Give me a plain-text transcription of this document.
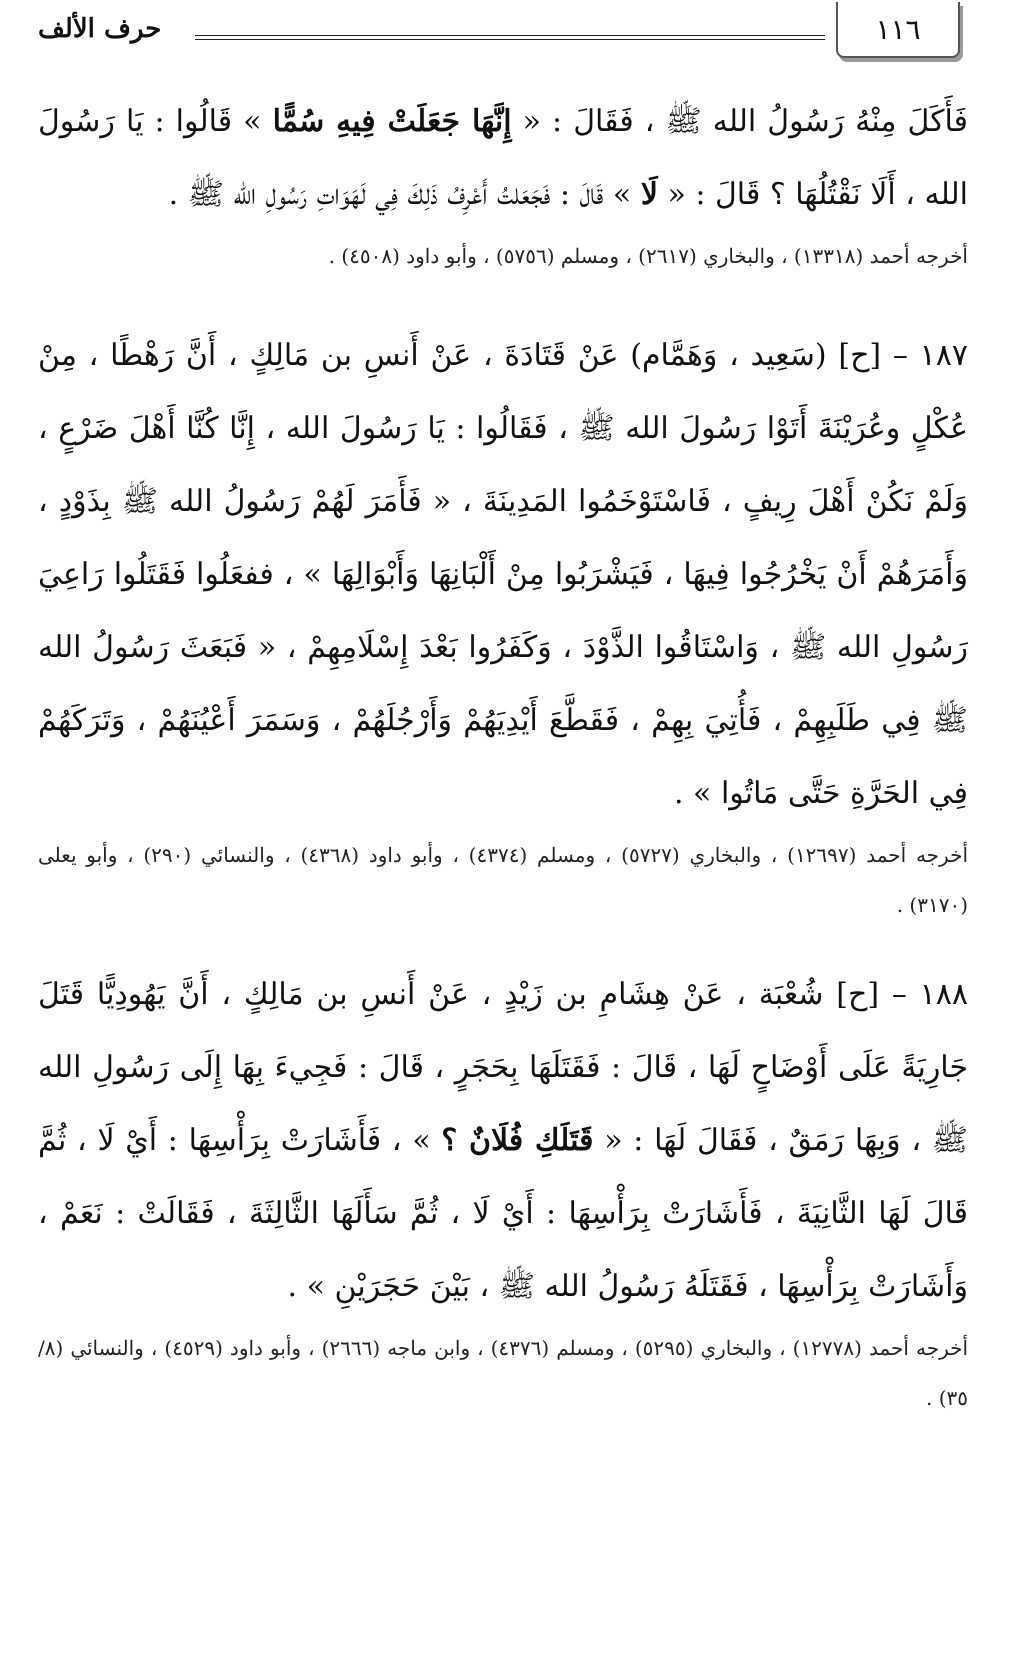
١١٦
حرف الألف

فَأَكَلَ مِنْهُ رَسُولُ الله ﷺ ، فَقَالَ : « إِنَّهَا جَعَلَتْ فِيهِ سُمًّا » قَالُوا : يَا رَسُولَ الله ، أَلَا نَقْتُلُهَا ؟ قَالَ : « لَا » قَالَ : فَجَعَلتُ أَعْرِفُ ذَلِكَ فِي لَهَوَاتِ رَسُولِ الله ﷺ .

أخرجه أحمد (١٣٣١٨) ، والبخاري (٢٦١٧) ، ومسلم (٥٧٥٦) ، وأبو داود (٤٥٠٨) .

١٨٧ – [ح] (سَعِيد ، وَهَمَّام) عَنْ قَتَادَةَ ، عَنْ أَنسِ بن مَالِكٍ ، أَنَّ رَهْطًا ، مِنْ عُكْلٍ وعُرَيْنَةَ أَتَوْا رَسُولَ الله ﷺ ، فَقَالُوا : يَا رَسُولَ الله ، إِنَّا كُنَّا أَهْلَ ضَرْعٍ ، وَلَمْ نَكُنْ أَهْلَ رِيفٍ ، فَاسْتَوْخَمُوا المَدِينَةَ ، « فَأَمَرَ لَهُمْ رَسُولُ الله ﷺ بِذَوْدٍ ، وَأَمَرَهُمْ أَنْ يَخْرُجُوا فِيهَا ، فَيَشْرَبُوا مِنْ أَلْبَانِهَا وَأَبْوَالِهَا » ، ففعَلُوا فَقَتَلُوا رَاعِيَ رَسُولِ الله ﷺ ، وَاسْتَاقُوا الذَّوْدَ ، وَكَفَرُوا بَعْدَ إِسْلَامِهِمْ ، « فَبَعَثَ رَسُولُ الله ﷺ فِي طَلَبِهِمْ ، فَأُتِيَ بِهِمْ ، فَقَطَّعَ أَيْدِيَهُمْ وَأَرْجُلَهُمْ ، وَسَمَرَ أَعْيُنَهُمْ ، وَتَرَكَهُمْ فِي الحَرَّةِ حَتَّى مَاتُوا » .

أخرجه أحمد (١٢٦٩٧) ، والبخاري (٥٧٢٧) ، ومسلم (٤٣٧٤) ، وأبو داود (٤٣٦٨) ، والنسائي (٢٩٠) ، وأبو يعلى (٣١٧٠) .

١٨٨ – [ح] شُعْبَة ، عَنْ هِشَامِ بن زَيْدٍ ، عَنْ أَنسِ بن مَالِكٍ ، أَنَّ يَهُودِيًّا قَتَلَ جَارِيَةً عَلَى أَوْضَاحٍ لَهَا ، قَالَ : فَقَتَلَهَا بِحَجَرٍ ، قَالَ : فَجِيءَ بِهَا إِلَى رَسُولِ الله ﷺ ، وَبِهَا رَمَقٌ ، فَقَالَ لَهَا : « قَتَلَكِ فُلَانٌ ؟ » ، فَأَشَارَتْ بِرَأْسِهَا : أَيْ لَا ، ثُمَّ قَالَ لَهَا الثَّانِيَةَ ، فَأَشَارَتْ بِرَأْسِهَا : أَيْ لَا ، ثُمَّ سَأَلَهَا الثَّالِثَةَ ، فَقَالَتْ : نَعَمْ ، وَأَشَارَتْ بِرَأْسِهَا ، فَقَتَلَهُ رَسُولُ الله ﷺ ، بَيْنَ حَجَرَيْنِ » .

أخرجه أحمد (١٢٧٧٨) ، والبخاري (٥٢٩٥) ، ومسلم (٤٣٧٦) ، وابن ماجه (٢٦٦٦) ، وأبو داود (٤٥٢٩) ، والنسائي (٨/ ٣٥) .
